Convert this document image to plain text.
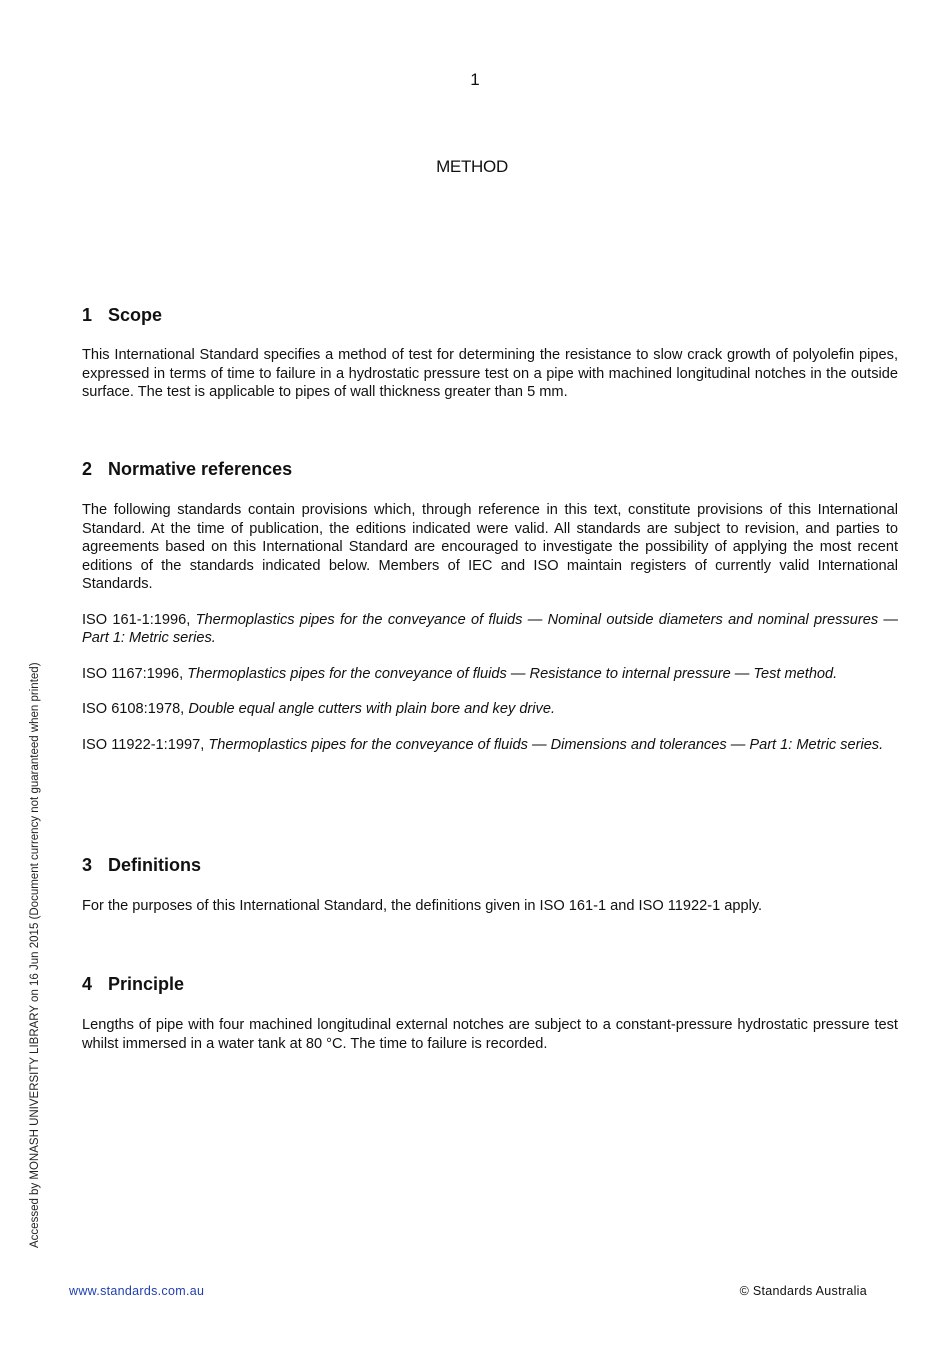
1
METHOD
1 Scope

This International Standard specifies a method of test for determining the resistance to slow crack growth of polyolefin pipes, expressed in terms of time to failure in a hydrostatic pressure test on a pipe with machined longitudinal notches in the outside surface. The test is applicable to pipes of wall thickness greater than 5 mm.

2 Normative references

The following standards contain provisions which, through reference in this text, constitute provisions of this International Standard. At the time of publication, the editions indicated were valid. All standards are subject to revision, and parties to agreements based on this International Standard are encouraged to investigate the possibility of applying the most recent editions of the standards indicated below. Members of IEC and ISO maintain registers of currently valid International Standards.

ISO 161-1:1996, Thermoplastics pipes for the conveyance of fluids — Nominal outside diameters and nominal pressures — Part 1: Metric series.

ISO 1167:1996, Thermoplastics pipes for the conveyance of fluids — Resistance to internal pressure — Test method.

ISO 6108:1978, Double equal angle cutters with plain bore and key drive.

ISO 11922-1:1997, Thermoplastics pipes for the conveyance of fluids — Dimensions and tolerances — Part 1: Metric series.

3 Definitions

For the purposes of this International Standard, the definitions given in ISO 161-1 and ISO 11922-1 apply.

4 Principle

Lengths of pipe with four machined longitudinal external notches are subject to a constant-pressure hydrostatic pressure test whilst immersed in a water tank at 80 °C. The time to failure is recorded.

Accessed by MONASH UNIVERSITY LIBRARY on 16 Jun 2015 (Document currency not guaranteed when printed)
www.standards.com.au	© Standards Australia
